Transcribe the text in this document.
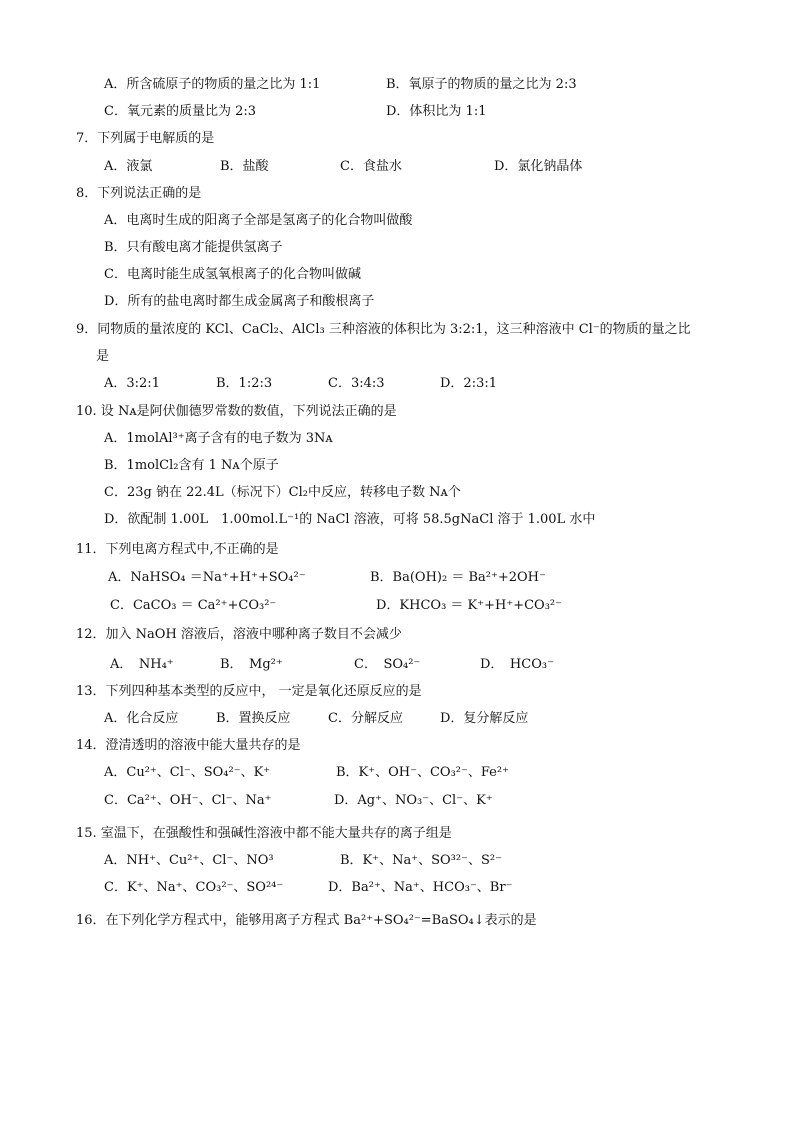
A．所含硫原子的物质的量之比为 1:1	B．氧原子的物质的量之比为 2:3
C．氧元素的质量比为 2:3	D．体积比为 1:1
7．下列属于电解质的是
A．液氯	B．盐酸	C．食盐水	D．氯化钠晶体
8．下列说法正确的是
A．电离时生成的阳离子全部是氢离子的化合物叫做酸
B．只有酸电离才能提供氢离子
C．电离时能生成氢氧根离子的化合物叫做碱
D．所有的盐电离时都生成金属离子和酸根离子
9．同物质的量浓度的 KCl、CaCl₂、AlCl₃ 三种溶液的体积比为 3:2:1，这三种溶液中 Cl⁻的物质的量之比
是
A．3:2:1	B．1:2:3	C．3:4:3	D．2:3:1
10. 设 Nᴀ是阿伏伽德罗常数的数值，下列说法正确的是
A．1molAl³⁺离子含有的电子数为 3Nᴀ
B．1molCl₂含有 1 Nᴀ个原子
C．23g 钠在 22.4L（标况下）Cl₂中反应，转移电子数 Nᴀ个
D．欲配制 1.00L　1.00mol.L⁻¹的 NaCl 溶液，可将 58.5gNaCl 溶于 1.00L 水中
11．下列电离方程式中,不正确的是
A．NaHSO₄ ＝Na⁺+H⁺+SO₄²⁻	B．Ba(OH)₂ ＝ Ba²⁺+2OH⁻
C．CaCO₃ ＝ Ca²⁺+CO₃²⁻	D．KHCO₃ ＝ K⁺+H⁺+CO₃²⁻
12．加入 NaOH 溶液后，溶液中哪种离子数目不会减少
A．　NH₄⁺	B．　Mg²⁺	C．　SO₄²⁻	D．　HCO₃⁻
13．下列四种基本类型的反应中， 一定是氧化还原反应的是
A．化合反应	B．置换反应	C．分解反应	D．复分解反应
14．澄清透明的溶液中能大量共存的是
A．Cu²⁺、Cl⁻、SO₄²⁻、K⁺	B．K⁺、OH⁻、CO₃²⁻、Fe²⁺
C．Ca²⁺、OH⁻、Cl⁻、Na⁺	D．Ag⁺、NO₃⁻、Cl⁻、K⁺
15. 室温下，在强酸性和强碱性溶液中都不能大量共存的离子组是
A．NH⁺、Cu²⁺、Cl⁻、NO³	B．K⁺、Na⁺、SO³²⁻、S²⁻
C．K⁺、Na⁺、CO₃²⁻、SO²⁴⁻	D．Ba²⁺、Na⁺、HCO₃⁻、Br⁻
16．在下列化学方程式中，能够用离子方程式 Ba²⁺+SO₄²⁻=BaSO₄↓表示的是
